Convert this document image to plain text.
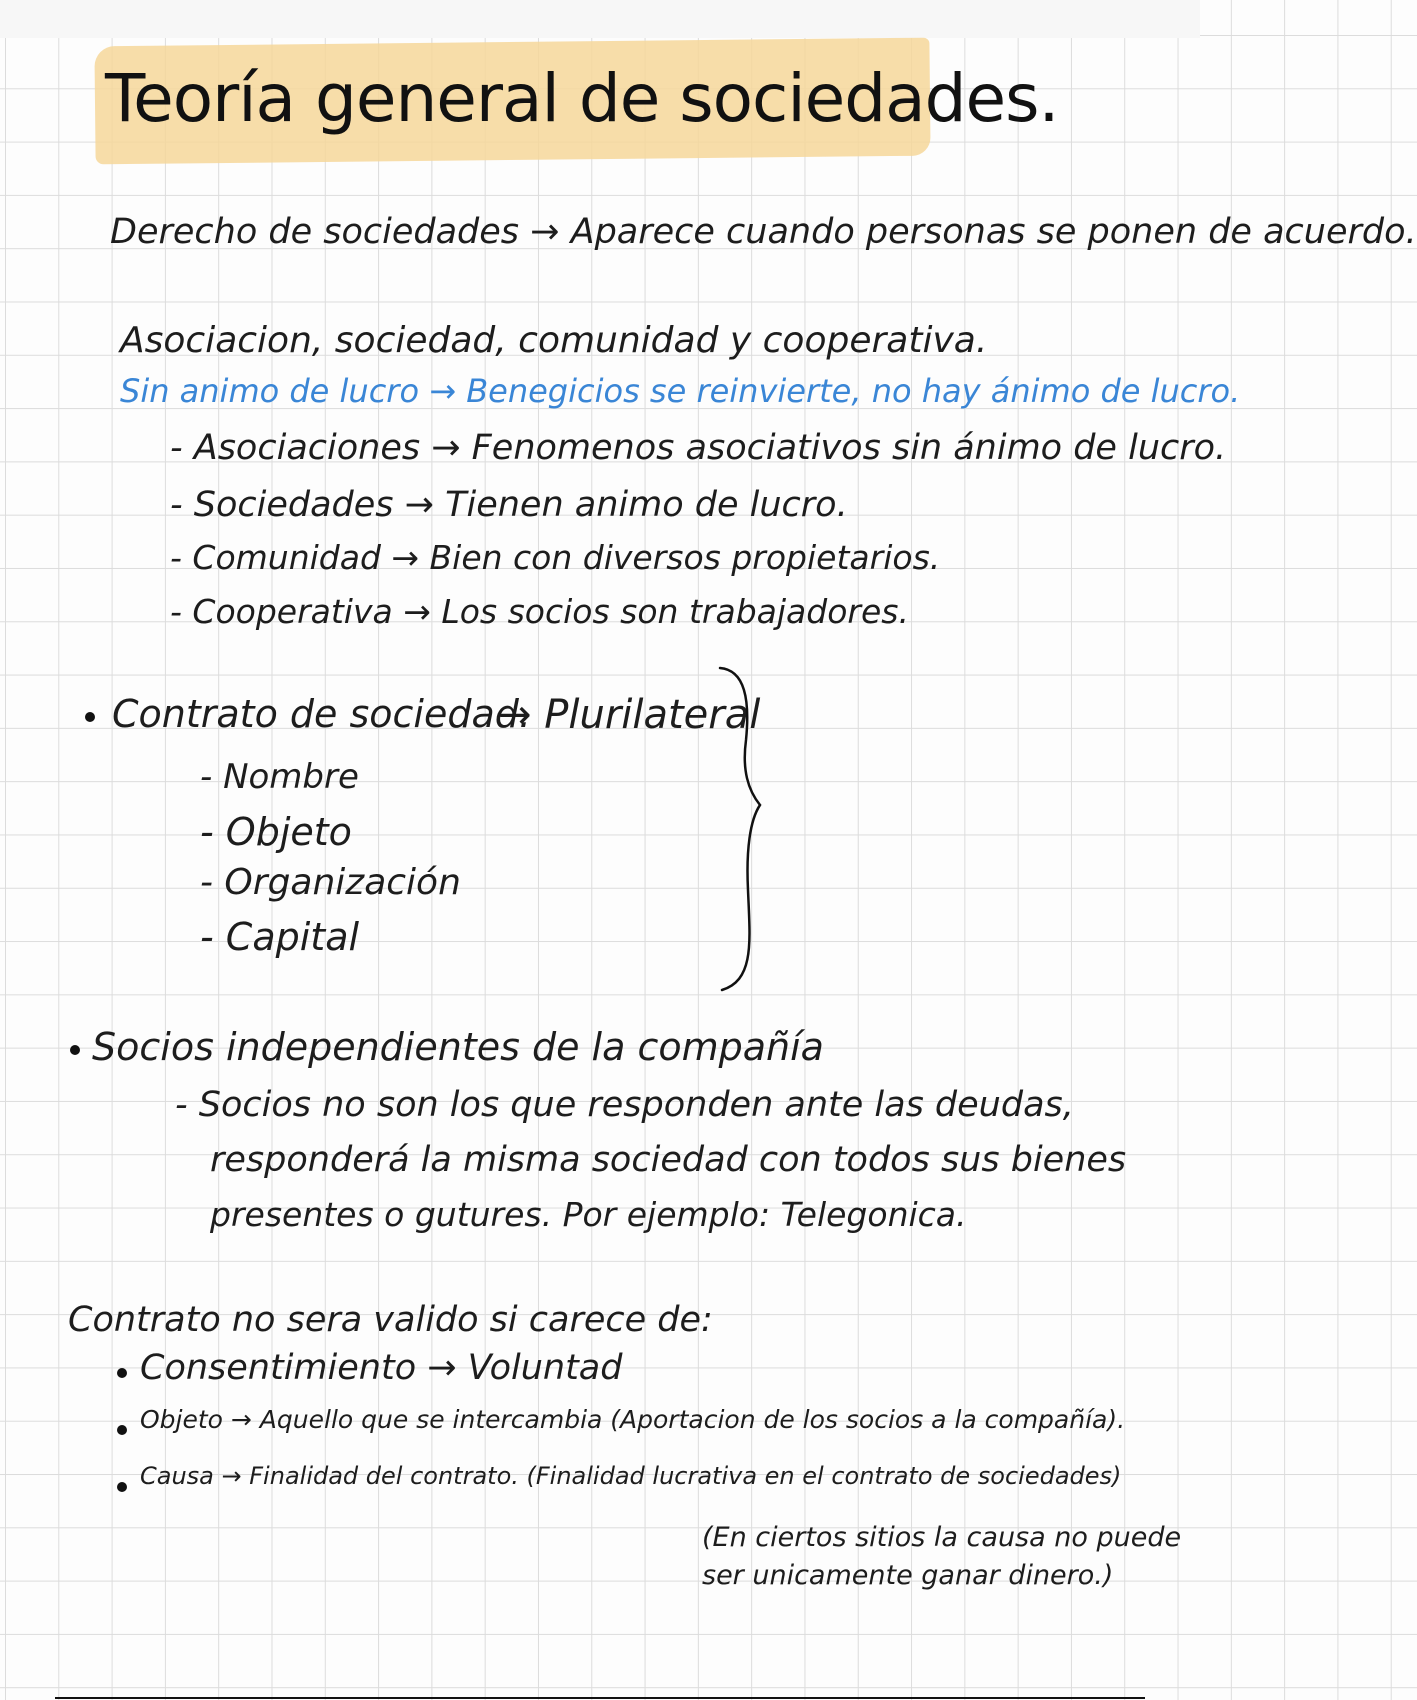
Teoría general de sociedades.
Derecho de sociedades → Aparece cuando personas se ponen de acuerdo.
Asociacion, sociedad, comunidad y cooperativa.
Sin animo de lucro → Benegicios se reinvierte, no hay ánimo de lucro.
- Asociaciones → Fenomenos asociativos sin ánimo de lucro.
- Sociedades → Tienen animo de lucro.
- Comunidad → Bien con diversos propietarios.
- Cooperativa → Los socios son trabajadores.
Contrato de sociedad.
→ Plurilateral
- Nombre
- Objeto
- Organización
- Capital
Socios independientes de la compañía
- Socios no son los que responden ante las deudas,
responderá la misma sociedad con todos sus bienes
presentes o gutures. Por ejemplo: Telegonica.
Contrato no sera valido si carece de:
Consentimiento → Voluntad
Objeto → Aquello que se intercambia (Aportacion de los socios a la compañía).
Causa → Finalidad del contrato. (Finalidad lucrativa en el contrato de sociedades)
(En ciertos sitios la causa no puede
ser unicamente ganar dinero.)
